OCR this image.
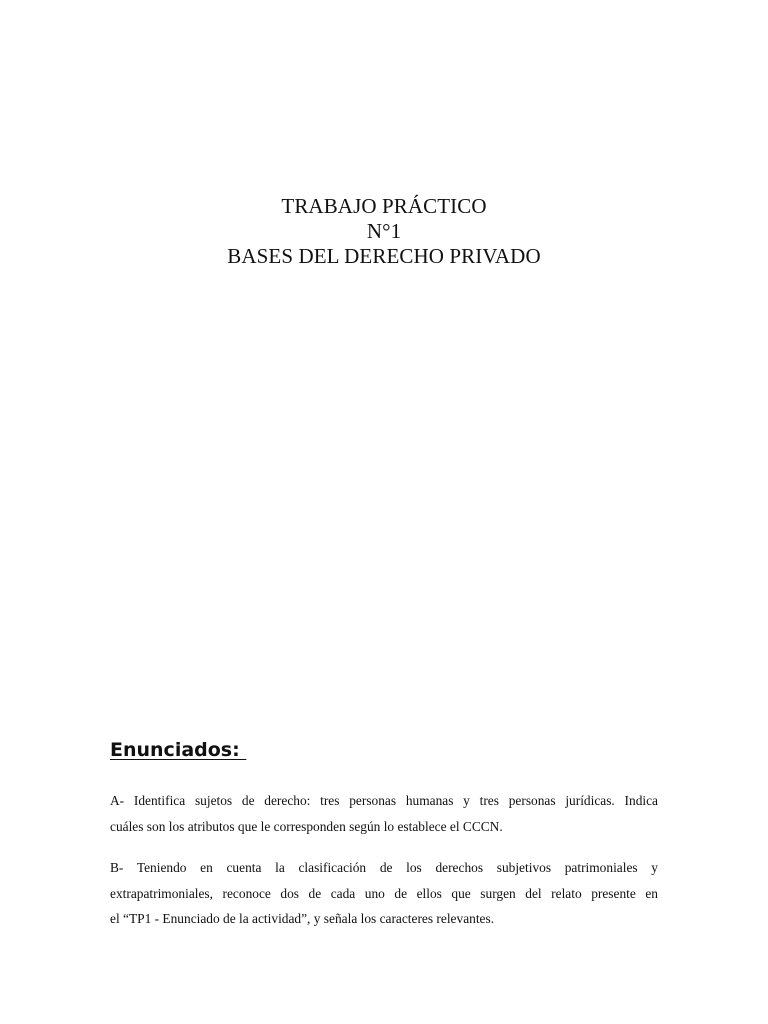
TRABAJO PRÁCTICO
N°1
BASES DEL DERECHO PRIVADO
Enunciados:
A- Identifica sujetos de derecho: tres personas humanas y tres personas jurídicas. Indica
cuáles son los atributos que le corresponden según lo establece el CCCN.
B- Teniendo en cuenta la clasificación de los derechos subjetivos patrimoniales y
extrapatrimoniales, reconoce dos de cada uno de ellos que surgen del relato presente en
el “TP1 - Enunciado de la actividad”, y señala los caracteres relevantes.
